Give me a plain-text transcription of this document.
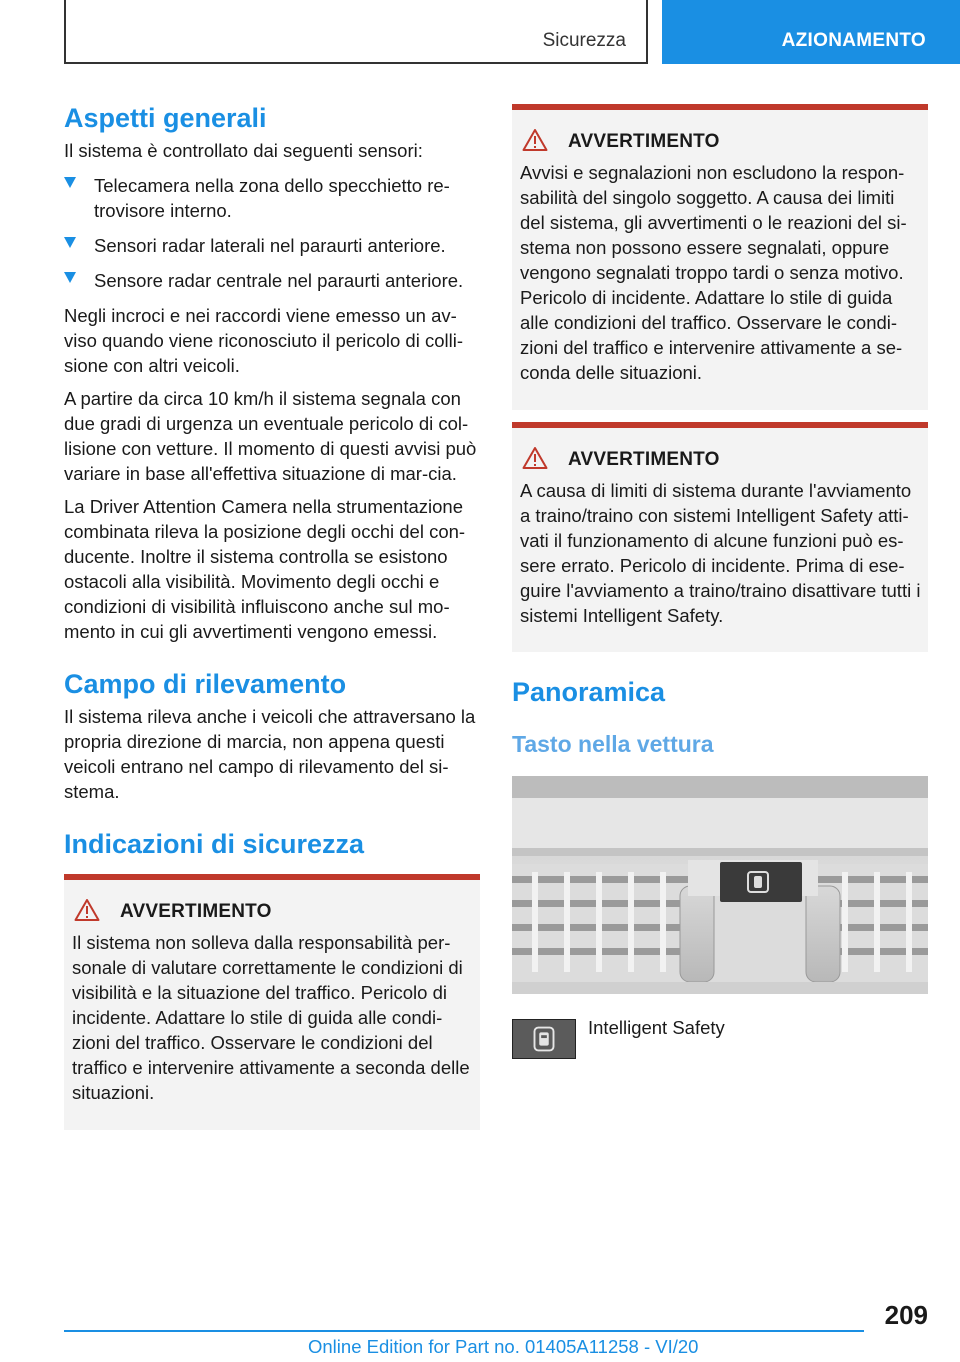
Sicurezza	AZIONAMENTO
Aspetti generali

Il sistema è controllato dai seguenti sensori:

Telecamera nella zona dello specchietto re-trovisore interno.
Sensori radar laterali nel paraurti anteriore.
Sensore radar centrale nel paraurti anteriore.

Negli incroci e nei raccordi viene emesso un av-viso quando viene riconosciuto il pericolo di colli-sione con altri veicoli.

A partire da circa 10 km/h il sistema segnala con due gradi di urgenza un eventuale pericolo di col-lisione con vetture. Il momento di questi avvisi può variare in base all'effettiva situazione di mar-cia.

La Driver Attention Camera nella strumentazione combinata rileva la posizione degli occhi del con-ducente. Inoltre il sistema controlla se esistono ostacoli alla visibilità. Movimento degli occhi e condizioni di visibilità influiscono anche sul mo-mento in cui gli avvertimenti vengono emessi.

Campo di rilevamento

Il sistema rileva anche i veicoli che attraversano la propria direzione di marcia, non appena questi veicoli entrano nel campo di rilevamento del si-stema.

Indicazioni di sicurezza
AVVERTIMENTO

Il sistema non solleva dalla responsabilità per-sonale di valutare correttamente le condizioni di visibilità e la situazione del traffico. Pericolo di incidente. Adattare lo stile di guida alle condi-zioni del traffico. Osservare le condizioni del traffico e intervenire attivamente a seconda delle situazioni.

AVVERTIMENTO

Avvisi e segnalazioni non escludono la respon-sabilità del singolo soggetto. A causa dei limiti del sistema, gli avvertimenti o le reazioni del si-stema non possono essere segnalati, oppure vengono segnalati troppo tardi o senza motivo. Pericolo di incidente. Adattare lo stile di guida alle condizioni del traffico. Osservare le condi-zioni del traffico e intervenire attivamente a se-conda delle situazioni.

AVVERTIMENTO

A causa di limiti di sistema durante l'avviamento a traino/traino con sistemi Intelligent Safety atti-vati il funzionamento di alcune funzioni può es-sere errato. Pericolo di incidente. Prima di ese-guire l'avviamento a traino/traino disattivare tutti i sistemi Intelligent Safety.

Panoramica
Tasto nella vettura
Intelligent Safety
209
Online Edition for Part no. 01405A11258 - VI/20
